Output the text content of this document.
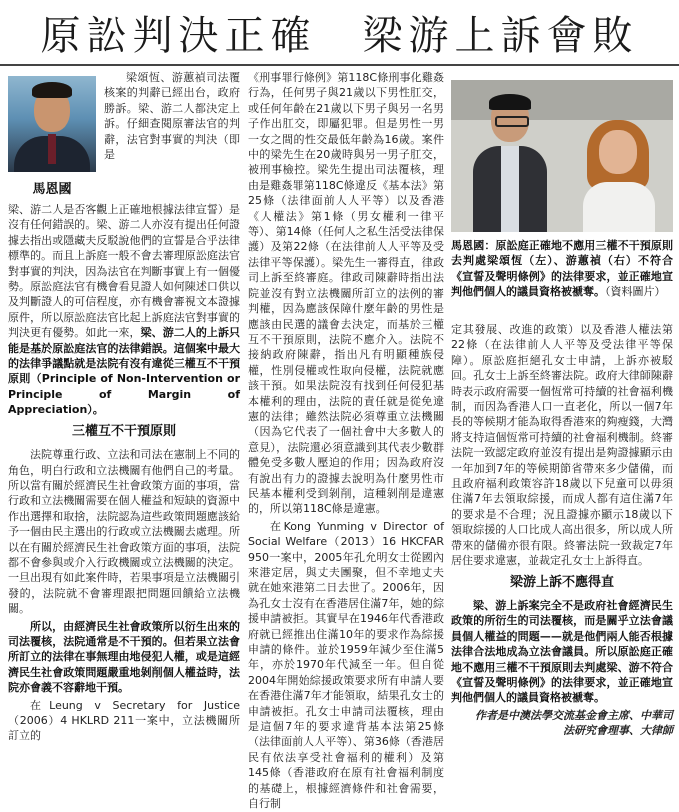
原訟判決正確　梁游上訴會敗
馬恩國

梁頌恆、游蕙禎司法覆核案的判辭已經出台，政府勝訴。梁、游二人都決定上訴。仔細查閱原審法官的判辭，法官對事實的判決（即是

梁、游二人是否客觀上正確地根據法律宣誓）是沒有任何錯誤的。梁、游二人亦沒有提出任何證據去指出或隱藏夫反駁說他們的宣誓是合乎法律標準的。而且上訴庭一般不會去審理原訟庭法官對事實的判決，因為法官在判斷事實上有一個優勢。原訟庭法官有機會看見證人如何陳述口供以及判斷證人的可信程度，亦有機會審視文本證據原件，所以原訟庭法官比起上訴庭法官對事實的判決更有優勢。如此一來，梁、游二人的上訴只能是基於原訟庭法官的法律錯誤。這個案中最大的法律爭議點就是法院有沒有違從三權互不干預原則（Principle of Non-Intervention or Principle of Margin of Appreciation）。

三權互不干預原則

法院尊重行政、立法和司法在憲制上不同的角色，明白行政和立法機關有他們自己的考量。所以當有關於經濟民生社會政策方面的事項，當行政和立法機關需要在個人權益和短缺的資源中作出選擇和取捨，法院認為這些政策問題應該給予一個由民主選出的行政或立法機關去處理。所以在有關於經濟民生社會政策方面的事項，法院都不會參與或介入行政機關或立法機關的決定。一旦出現有如此案件時，若果事項是立法機關引發的，法院就不會審理跟把問題回饋給立法機關。

所以，由經濟民生社會政策所以衍生出來的司法覆核，法院通常是不干預的。但若果立法會所訂立的法律在事無理由地侵犯人權，或是這經濟民生社會政策問題嚴重地剝削個人權益時，法院亦會義不容辭地干預。

在Leung v Secretary for Justice（2006）4 HKLRD 211一案中，立法機關所訂立的

《刑事罪行條例》第118C條刑事化雞姦行為，任何男子與21歲以下男性肛交，或任何年齡在21歲以下男子與另一名男子作出肛交，即屬犯罪。但是男性一男一女之間的性交最低年齡為16歲。案件中的梁先生在20歲時與另一男子肛交，被刑事檢控。梁先生提出司法覆核，理由是雞姦罪第118C條違反《基本法》第25條（法律面前人人平等）以及香港《人權法》第1條（男女權利一律平等）、第14條（任何人之私生活受法律保護）及第22條（在法律前人人平等及受法律平等保護）。梁先生一審得直，律政司上訴至終審庭。律政司陳辭時指出法院並沒有對立法機關所訂立的法例的審判權，因為應該保障什麼年齡的男性是應該由民選的議會去決定，而基於三權互不干預原則，法院不應介入。法院不接納政府陳辭，指出凡有明顯種族侵權，性別侵權或性取向侵權，法院就應該干預。如果法院沒有找到任何侵犯基本權利的理由，法院的責任就是從免違憲的法律；雖然法院必須尊重立法機關（因為它代表了一個社會中大多數人的意見），法院還必須意識到其代表少數群體免受多數人壓迫的作用；因為政府沒有說出有力的證據去說明為什麼男性市民基本權利受到剝削，這種剝削是違憲的，所以第118C條是違憲。

在Kong Yunming v Director of Social Welfare（2013）16 HKCFAR 950一案中，2005年孔允明女士從國內來港定居，與丈夫團聚，但不幸地丈夫就在她來港第二日去世了。2006年，因為孔女士沒有在香港居住滿7年，她的綜援申請被拒。其實早在1946年代香港政府就已經推出住滿10年的要求作為綜援申請的條件。並於1959年減少至住滿5年，亦於1970年代減至一年。但自從2004年開始綜援政策要求所有申請人要在香港住滿7年才能領取，結果孔女士的申請被拒。孔女士申請司法覆核，理由是這個7年的要求違背基本法第25條（法律面前人人平等）、第36條（香港居民有依法享受社會福利的權利）及第145條（香港政府在原有社會福利制度的基礎上，根據經濟條件和社會需要，自行制

馬恩國：原訟庭正確地不應用三權不干預原則去判處梁頌恆（左）、游蕙禎（右）不符合《宣誓及聲明條例》的法律要求，並正確地宣判他們個人的議員資格被褫奪。（資料圖片）

定其發展、改進的政策）以及香港人權法第22條（在法律前人人平等及受法律平等保障）。原訟庭拒絕孔女士申請，上訴亦被駁回。孔女士上訴至終審法院。政府大律師陳辭時表示政府需要一個恆常可持續的社會福利機制，而因為香港人口一直老化，所以一個7年長的等候期才能為取得香港來的夠瘦錢，大灣將支持這個恆常可持續的社會福利機制。終審法院一致認定政府並沒有提出是夠證據顯示由一年加到7年的等候期節省帶來多少儲備，而且政府福利政策容許18歲以下兒童可以毋須住滿7年去領取綜援，而成人都有這住滿7年的要求是不合理；況且證據亦顯示18歲以下領取綜援的人口比成人高出很多，所以成人所帶來的儲備亦很有限。終審法院一致裁定7年居住要求違憲，並裁定孔女士上訴得直。

梁游上訴不應得直

梁、游上訴案完全不是政府社會經濟民生政策的所衍生的司法覆核，而是關乎立法會議員個人權益的問題——就是他們兩人能否根據法律合法地成為立法會議員。所以原訟庭正確地不應用三權不干預原則去判處梁、游不符合《宣誓及聲明條例》的法律要求，並正確地宣判他們個人的議員資格被褫奪。

作者是中澳法學交流基金會主席、中華司法研究會理事、大律師
